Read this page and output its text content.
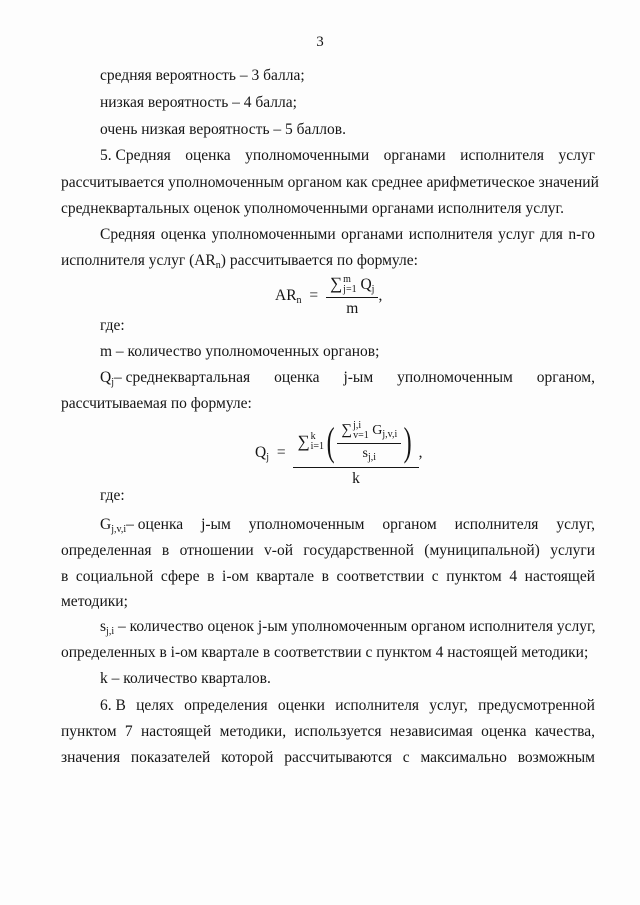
3
средняя вероятность – 3 балла;
низкая вероятность – 4 балла;
очень низкая вероятность – 5 баллов.
5. Средняя оценка уполномоченными органами исполнителя услуг
рассчитывается уполномоченным органом как среднее арифметическое значений
среднеквартальных оценок уполномоченными органами исполнителя услуг.
Средняя оценка уполномоченными органами исполнителя услуг для n-го
исполнителя услуг $(AR_n)$ рассчитывается по формуле:
$AR_n$ = ∑ m
j=1 $Q_j$
m ,
где:
m – количество уполномоченных органов;
$Q_j-$ среднеквартальная оценка j-ым уполномоченным органом,
рассчитываемая по формуле:
$Q_j$ =
∑ k
i=1 ( ∑ j,i
v=1 $G_{j,v,i}$
$s_{j,i}$ )
k
,
где:
$G_{j,v,i}-$ оценка j-ым уполномоченным органом исполнителя услуг,
определенная в отношении v-ой государственной (муниципальной) услуги
в социальной сфере в i-ом квартале в соответствии с пунктом 4 настоящей
методики;
$s_{j,i}$ – количество оценок j-ым уполномоченным органом исполнителя услуг,
определенных в i-ом квартале в соответствии с пунктом 4 настоящей методики;
k – количество кварталов.
6. В целях определения оценки исполнителя услуг, предусмотренной
пунктом 7 настоящей методики, используется независимая оценка качества,
значения показателей которой рассчитываются с максимально возможным
